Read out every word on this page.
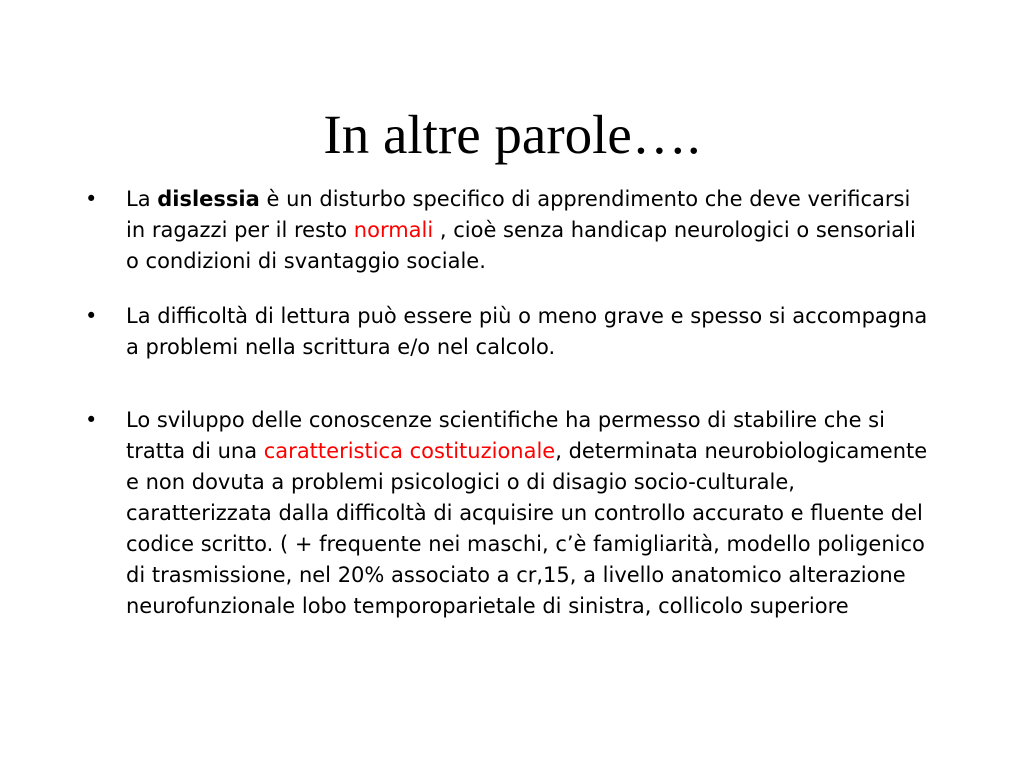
In altre parole….
•	La dislessia è un disturbo specifico di apprendimento che deve verificarsi in ragazzi per il resto normali , cioè senza handicap neurologici o sensoriali o condizioni di svantaggio sociale.
•	La difficoltà di lettura può essere più o meno grave e spesso si accompagna a problemi nella scrittura e/o nel calcolo.
•	Lo sviluppo delle conoscenze scientifiche ha permesso di stabilire che si tratta di una caratteristica costituzionale, determinata neurobiologicamente e non dovuta a problemi psicologici o di disagio socio-culturale, caratterizzata dalla difficoltà di acquisire un controllo accurato e fluente del codice scritto. ( + frequente nei maschi, c’è famigliarità, modello poligenico di trasmissione, nel 20% associato a cr,15, a livello anatomico alterazione neurofunzionale lobo temporoparietale di sinistra, collicolo superiore
